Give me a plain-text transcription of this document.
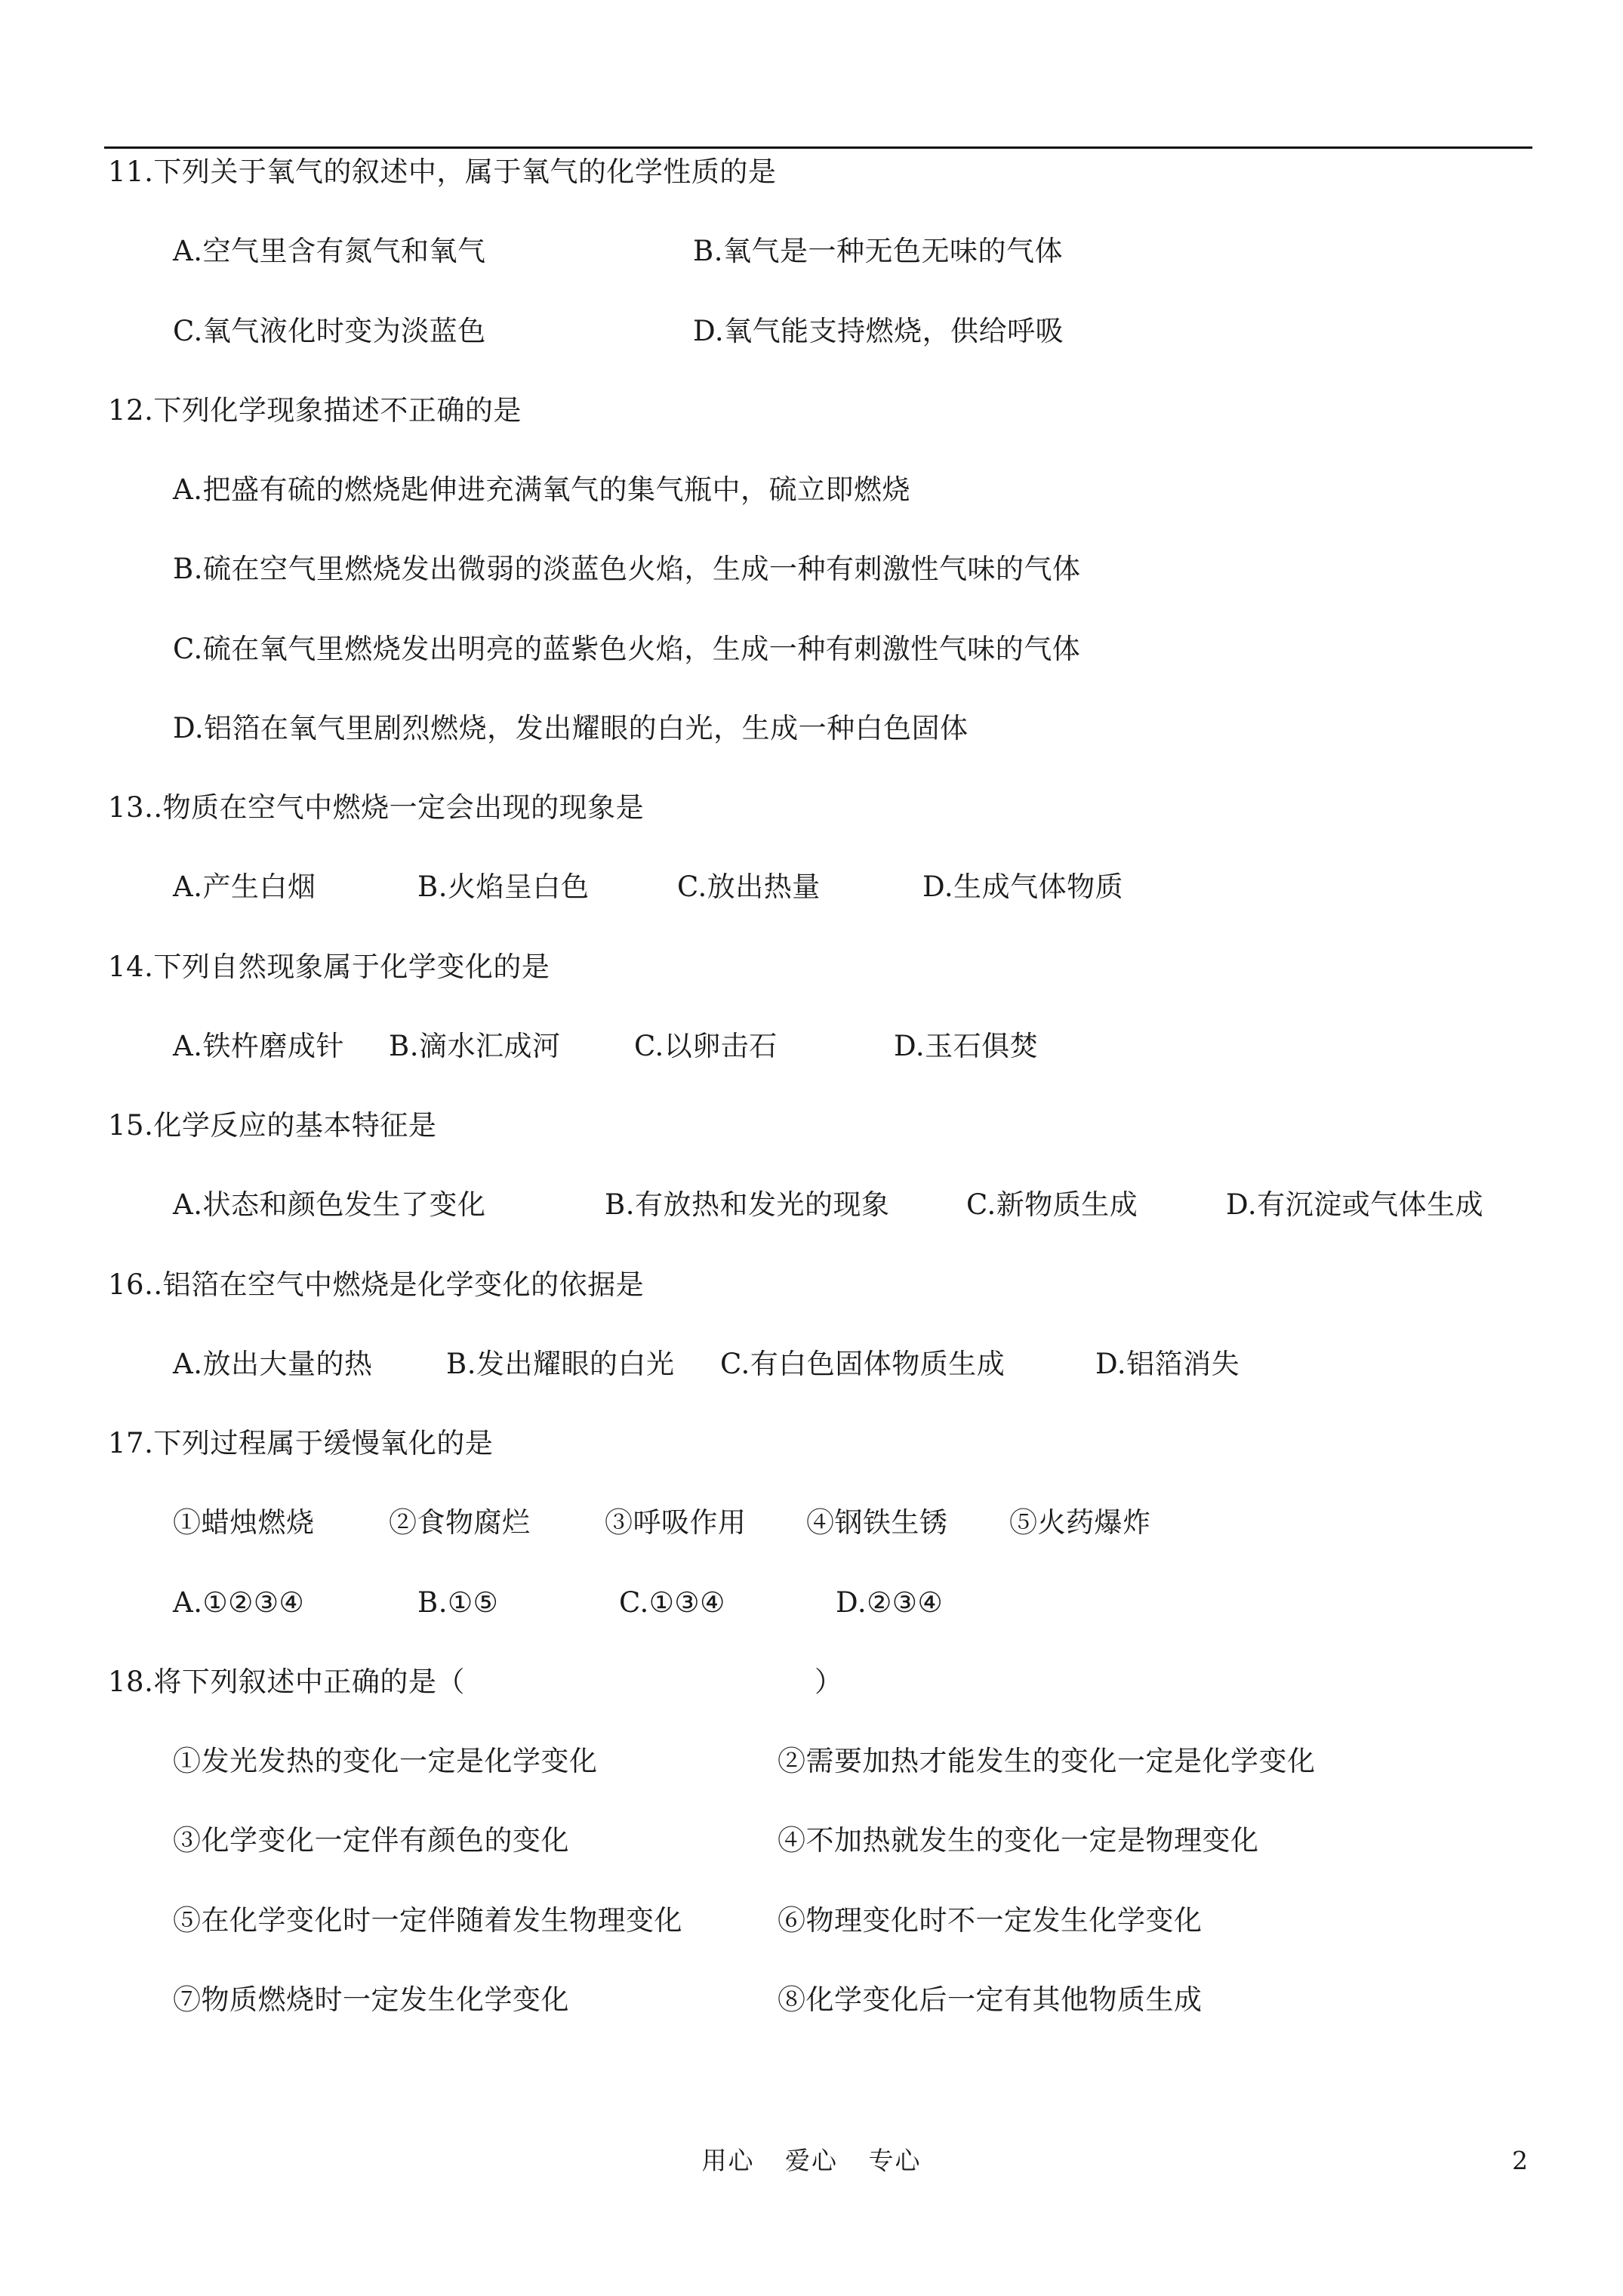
11.下列关于氧气的叙述中，属于氧气的化学性质的是
A.空气里含有氮气和氧气	B.氧气是一种无色无味的气体
C.氧气液化时变为淡蓝色	D.氧气能支持燃烧，供给呼吸
12.下列化学现象描述不正确的是
A.把盛有硫的燃烧匙伸进充满氧气的集气瓶中，硫立即燃烧
B.硫在空气里燃烧发出微弱的淡蓝色火焰，生成一种有刺激性气味的气体
C.硫在氧气里燃烧发出明亮的蓝紫色火焰，生成一种有刺激性气味的气体
D.铝箔在氧气里剧烈燃烧，发出耀眼的白光，生成一种白色固体
13..物质在空气中燃烧一定会出现的现象是
A.产生白烟	B.火焰呈白色	C.放出热量	D.生成气体物质
14.下列自然现象属于化学变化的是
A.铁杵磨成针 B.滴水汇成河	C.以卵击石	D.玉石俱焚
15.化学反应的基本特征是
A.状态和颜色发生了变化	B.有放热和发光的现象	C.新物质生成	D.有沉淀或气体生成
16..铝箔在空气中燃烧是化学变化的依据是
A.放出大量的热	B.发出耀眼的白光 C.有白色固体物质生成	D.铝箔消失
17.下列过程属于缓慢氧化的是
①蜡烛燃烧	②食物腐烂	③呼吸作用 ④钢铁生锈 ⑤火药爆炸
A.①②③④	B.①⑤	C.①③④	D.②③④
18.将下列叙述中正确的是（	）
①发光发热的变化一定是化学变化	②需要加热才能发生的变化一定是化学变化
③化学变化一定伴有颜色的变化	④不加热就发生的变化一定是物理变化
⑤在化学变化时一定伴随着发生物理变化	⑥物理变化时不一定发生化学变化
⑦物质燃烧时一定发生化学变化	⑧化学变化后一定有其他物质生成
用心 爱心 专心	2
